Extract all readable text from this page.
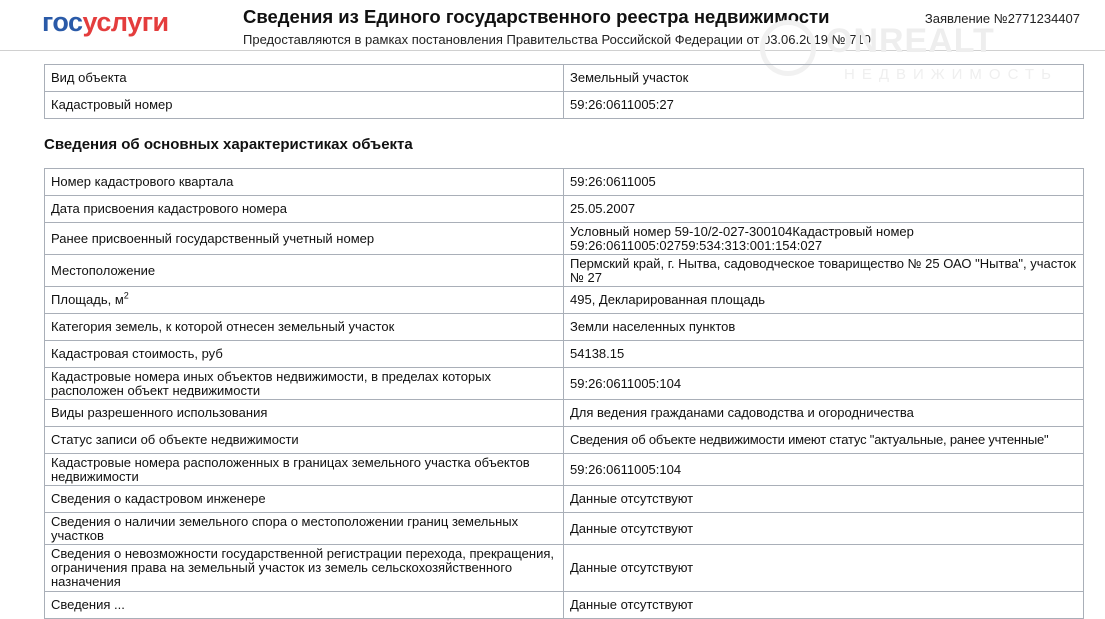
госуслуги	Сведения из Единого государственного реестра недвижимости
Предоставляются в рамках постановления Правительства Российской Федерации от 03.06.2019 № 710
Заявление №2771234407
ONREALT
НЕДВИЖИМОСТЬ
Вид объекта	Земельный участок
Кадастровый номер	59:26:0611005:27
Сведения об основных характеристиках объекта
Номер кадастрового квартала	59:26:0611005
Дата присвоения кадастрового номера	25.05.2007
Ранее присвоенный государственный учетный номер	Условный номер 59-10/2-027-300104Кадастровый номер 59:26:0611005:02759:534:313:001:154:027
Местоположение	Пермский край, г. Нытва, садоводческое товарищество № 25 ОАО "Нытва", участок № 27
Площадь, $м^2$	495, Декларированная площадь
Категория земель, к которой отнесен земельный участок	Земли населенных пунктов
Кадастровая стоимость, руб	54138.15
Кадастровые номера иных объектов недвижимости, в пределах которых расположен объект недвижимости	59:26:0611005:104
Виды разрешенного использования	Для ведения гражданами садоводства и огородничества
Статус записи об объекте недвижимости	Сведения об объекте недвижимости имеют статус "актуальные, ранее учтенные"
Кадастровые номера расположенных в границах земельного участка объектов недвижимости	59:26:0611005:104
Сведения о кадастровом инженере	Данные отсутствуют
Сведения о наличии земельного спора о местоположении границ земельных участков	Данные отсутствуют
Сведения о невозможности государственной регистрации перехода, прекращения, ограничения права на земельный участок из земель сельскохозяйственного назначения	Данные отсутствуют
Сведения ...	Данные отсутствуют
